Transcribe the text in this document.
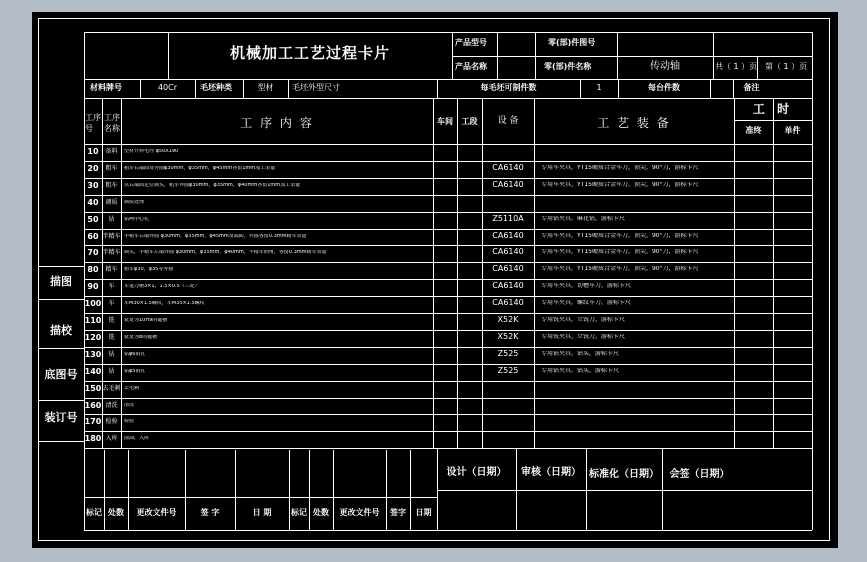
机械加工工艺过程卡片
产品型号	零(部)件图号
产品名称	零(部)件名称	传动轴	共（ 1 ）页 第（ 1 ）页
材料牌号	40Cr	毛坯种类	型材	毛坯外型尺寸	每毛坯可制件数	1	每台件数	备注
工序号
工序名称	工 序 内 容	车间	工段	设 备	工 艺 装 备
工 时
准终	单件
10	备料	型材开料毛坯 φ50X190
20	粗车	粗车右端面及外圆φ30mm，φ35mm，φ45mm各留1mm加工余量	CA6140	专用车夹具，YT15硬质合金车刀，顶尖，90°刀，游标卡尺
30	粗车	以右端面定位调头，粗车外圆φ30mm，φ35mm，φ40mm各留1mm加工余量	CA6140	专用车夹具，YT15硬质合金车刀，顶尖，90°刀，游标卡尺
40	调质	调质处理
50	钻	钻两中心孔	Z5110A	专用钻夹具，麻花钻，游标卡尺
60 半精车 半精车右端外圆 φ30mm，φ35mm，φ45mm及端面，外圆各留0.3mm精车余量	CA6140	专用车夹具，YT15硬质合金车刀，顶尖，90°刀，游标卡尺
70 半精车 调头，半精车左端外圆 φ30mm，φ35mm，φ40mm，半精车倒角，各留0.3mm精车余量	CA6140	专用车夹具，YT15硬质合金车刀，顶尖，90°刀，游标卡尺
80	精车	精车φ30，φ35等外圆	CA6140	专用车夹具，YT15硬质合金车刀，顶尖，90°刀，游标卡尺
90	车	车退刀槽3×1，1.5×0.5（三处）	CA6140	专用车夹具，切槽车刀，游标卡尺
100	车	车M30×1.5螺纹，车M35×1.5螺纹	CA6140	专用车夹具，螺纹车刀，游标卡尺
110	铣	铣宽为10H9的键槽	X52K	专用铣夹具，立铣刀，游标卡尺
120	铣	铣宽为8的键槽	X52K	专用铣夹具，立铣刀，游标卡尺
130	钻	钻φ6销孔	Z525	专用钻夹具，钻头，游标卡尺
140	钻	钻φ5销孔	Z525	专用钻夹具，钻头，游标卡尺
150 去毛刺 去毛刺
160 清洗	清洗
170 检验	检验
180 入库	涂油，入库
描图
描校
底图号
装订号
设计（日期）	审核（日期） 标准化（日期）	会签（日期）
标记 处数	更改文件号	签 字	日 期	标记 处数	更改文件号	签字	日期
